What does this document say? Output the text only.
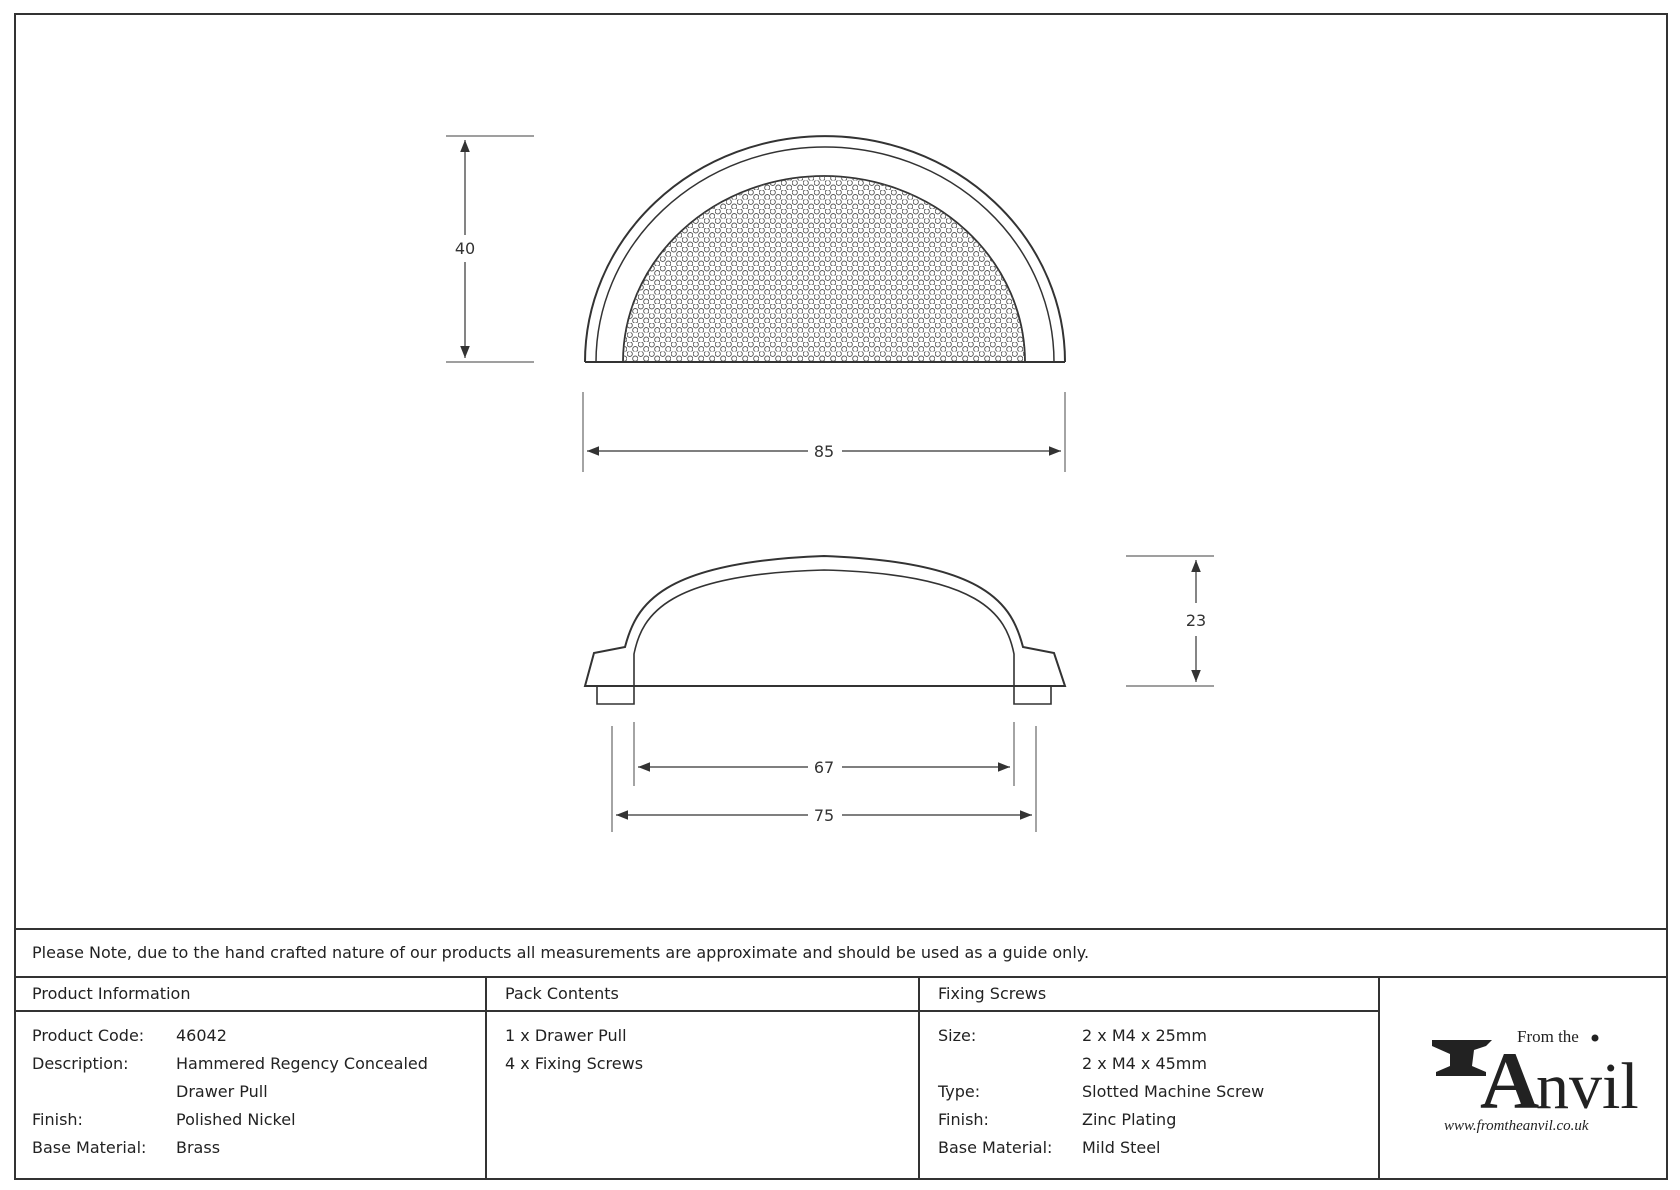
40
85
23
67
75
Please Note, due to the hand crafted nature of our products all measurements are approximate and should be used as a guide only.
Product Information
Product Code:	46042
Description:	Hammered Regency Concealed
Drawer Pull
Finish:	Polished Nickel
Base Material:	Brass
Pack Contents
1 x Drawer Pull
4 x Fixing Screws
Fixing Screws
Size:	2 x M4 x 25mm
2 x M4 x 45mm
Type:	Slotted Machine Screw
Finish:	Zinc Plating
Base Material:	Mild Steel
A
nvil
From the
www.fromtheanvil.co.uk
